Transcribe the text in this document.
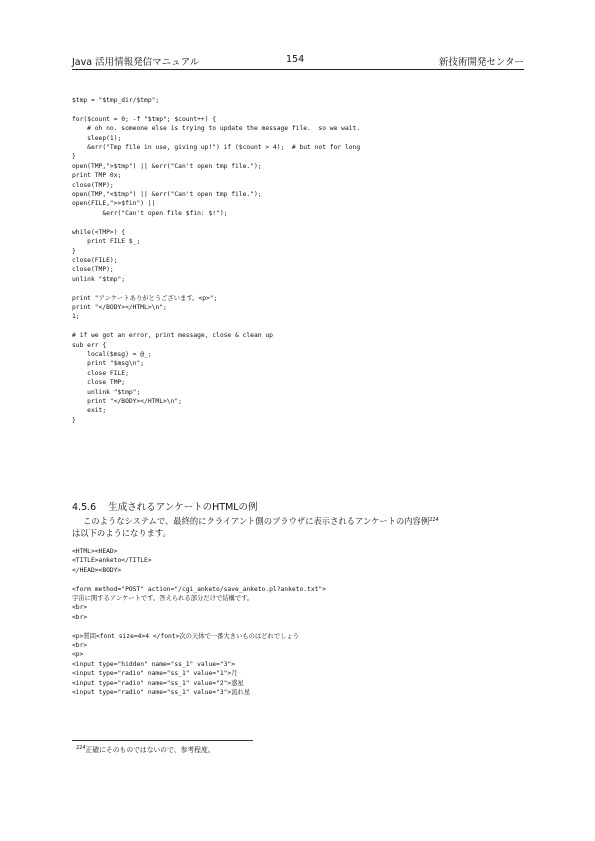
Java 活用情報発信マニュアル	154	新技術開発センター
$tmp = "$tmp_dir/$tmp";

for($count = 0; -f "$tmp"; $count++) {
# oh no. someone else is trying to update the message file.  so we wait.
sleep(1);
&err("Tmp file in use, giving up!") if ($count > 4);  # but not for long
}
open(TMP,">$tmp") || &err("Can't open tmp file.");
print TMP 0x;
close(TMP);
open(TMP,"<$tmp") || &err("Can't open tmp file.");
open(FILE,">>$fin") ||
&err("Can't open file $fin: $!");

while(<TMP>) {
print FILE $_;
}
close(FILE);
close(TMP);
unlink "$tmp";

print "アンケートありがとうございます。<p>";
print "</BODY></HTML>\n";
1;

# if we got an error, print message, close & clean up
sub err {
local($msg) = @_;
print "$msg\n";
close FILE;
close TMP;
unlink "$tmp";
print "</BODY></HTML>\n";
exit;
}
4.5.6 生成されるアンケートのHTMLの例
このようなシステムで、最終的にクライアント側のブラウザに表示されるアンケートの内容例$^{224}$
は以下のようになります。
<HTML><HEAD>
<TITLE>anketo</TITLE>
</HEAD><BODY>

<form method="POST" action="/cgi_anketo/save_anketo.pl?anketo.txt">
宇宙に関するアンケートです。答えられる部分だけで結構です。
<br>
<br>

<p>質問<font size=4>4 </font>次の天体で一番大きいものはどれでしょう
<br>
<p>
<input type="hidden" name="ss_1" value="3">
<input type="radio" name="ss_1" value="1">月
<input type="radio" name="ss_1" value="2">惑星
<input type="radio" name="ss_1" value="3">流れ星
$^{224}$正確にそのものではないので、参考程度。
